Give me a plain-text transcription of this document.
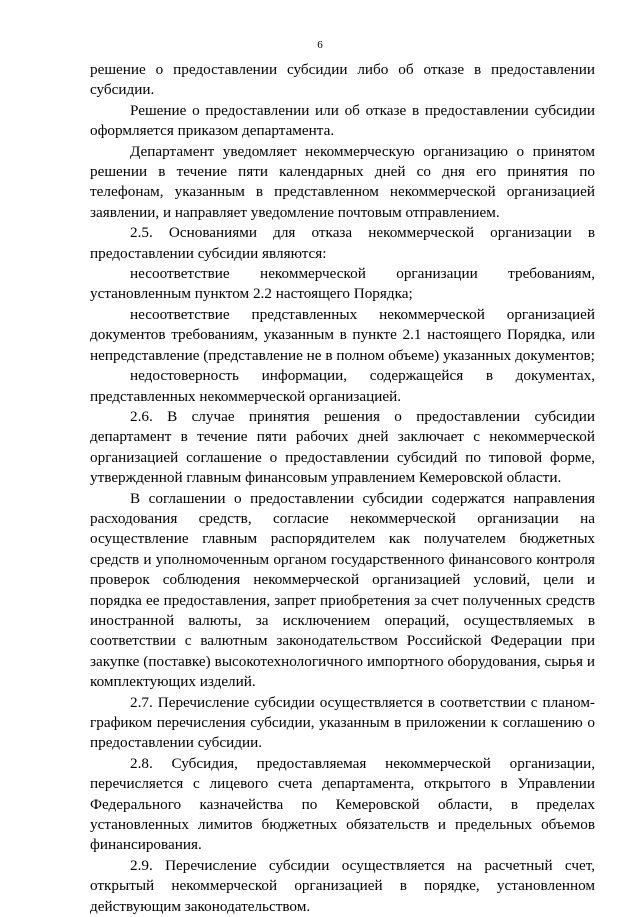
6

решение о предоставлении субсидии либо об отказе в предоставлении субсидии.

Решение о предоставлении или об отказе в предоставлении субсидии оформляется приказом департамента.

Департамент уведомляет некоммерческую организацию о принятом решении в течение пяти календарных дней со дня его принятия по телефонам, указанным в представленном некоммерческой организацией заявлении, и направляет уведомление почтовым отправлением.

2.5. Основаниями для отказа некоммерческой организации в предоставлении субсидии являются:

несоответствие некоммерческой организации требованиям, установленным пунктом 2.2 настоящего Порядка;

несоответствие представленных некоммерческой организацией документов требованиям, указанным в пункте 2.1 настоящего Порядка, или непредставление (представление не в полном объеме) указанных документов;

недостоверность информации, содержащейся в документах, представленных некоммерческой организацией.

2.6. В случае принятия решения о предоставлении субсидии департамент в течение пяти рабочих дней заключает с некоммерческой организацией соглашение о предоставлении субсидий по типовой форме, утвержденной главным финансовым управлением Кемеровской области.

В соглашении о предоставлении субсидии содержатся направления расходования средств, согласие некоммерческой организации на осуществление главным распорядителем как получателем бюджетных средств и уполномоченным органом государственного финансового контроля проверок соблюдения некоммерческой организацией условий, цели и порядка ее предоставления, запрет приобретения за счет полученных средств иностранной валюты, за исключением операций, осуществляемых в соответствии с валютным законодательством Российской Федерации при закупке (поставке) высокотехнологичного импортного оборудования, сырья и комплектующих изделий.

2.7. Перечисление субсидии осуществляется в соответствии с планом-графиком перечисления субсидии, указанным в приложении к соглашению о предоставлении субсидии.

2.8. Субсидия, предоставляемая некоммерческой организации, перечисляется с лицевого счета департамента, открытого в Управлении Федерального казначейства по Кемеровской области, в пределах установленных лимитов бюджетных обязательств и предельных объемов финансирования.

2.9. Перечисление субсидии осуществляется на расчетный счет, открытый некоммерческой организацией в порядке, установленном действующим законодательством.
